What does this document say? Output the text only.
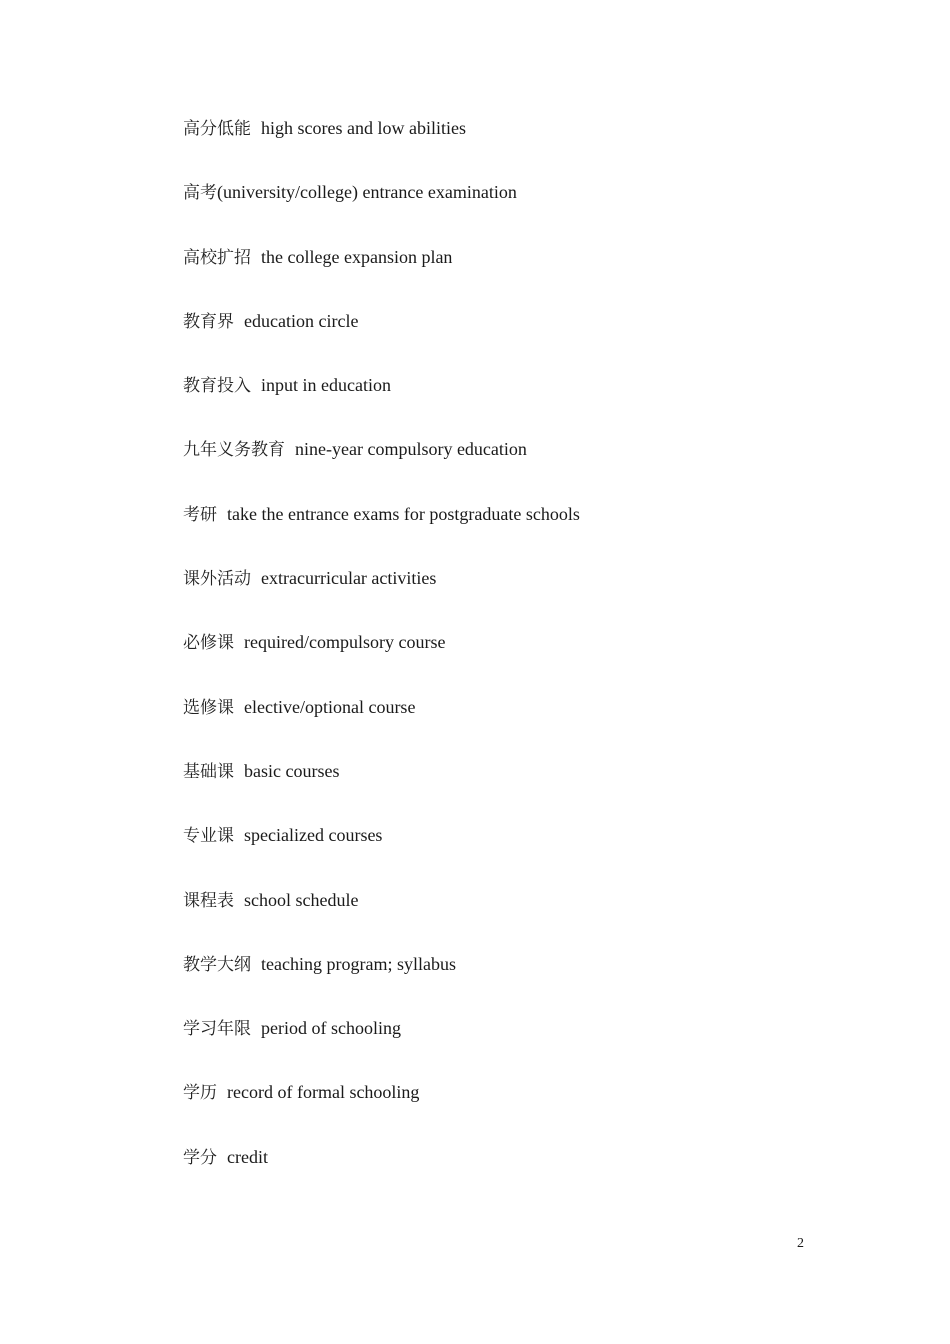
高分低能 high scores and low abilities
高考(university/college) entrance examination
高校扩招 the college expansion plan
教育界 education circle
教育投入 input in education
九年义务教育 nine-year compulsory education
考研 take the entrance exams for postgraduate schools
课外活动 extracurricular activities
必修课 required/compulsory course
选修课 elective/optional course
基础课 basic courses
专业课 specialized courses
课程表 school schedule
教学大纲 teaching program; syllabus
学习年限 period of schooling
学历 record of formal schooling
学分 credit
2
